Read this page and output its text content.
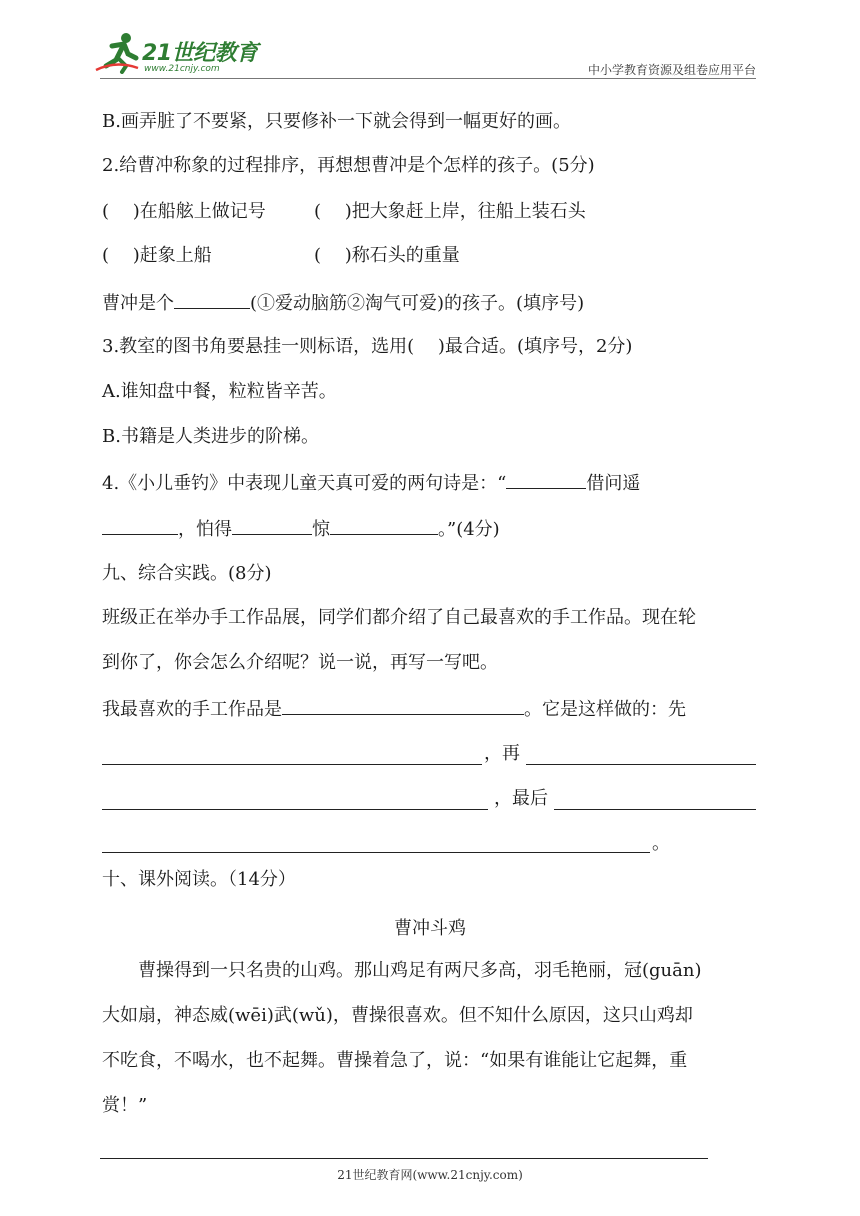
21世纪教育
www.21cnjy.com	中小学教育资源及组卷应用平台
B.画弄脏了不要紧，只要修补一下就会得到一幅更好的画。
2.给曹冲称象的过程排序，再想想曹冲是个怎样的孩子。(5分)
(　 )在船舷上做记号	(　 )把大象赶上岸，往船上装石头
(　 )赶象上船	(　 )称石头的重量
曹冲是个	(①爱动脑筋②淘气可爱)的孩子。(填序号)
3.教室的图书角要悬挂一则标语，选用(　 )最合适。(填序号，2分)
A.谁知盘中餐，粒粒皆辛苦。
B.书籍是人类进步的阶梯。
4.《小儿垂钓》中表现儿童天真可爱的两句诗是：“	借问遥
，怕得	惊	。”(4分)
九、综合实践。(8分)
班级正在举办手工作品展，同学们都介绍了自己最喜欢的手工作品。现在轮
到你了，你会怎么介绍呢？说一说，再写一写吧。
我最喜欢的手工作品是	。它是这样做的：先
，再
，最后
。
十、课外阅读。（14分）
曹冲斗鸡
曹操得到一只名贵的山鸡。那山鸡足有两尺多高，羽毛艳丽，冠(guān)
大如扇，神态威(wēi)武(wǔ)，曹操很喜欢。但不知什么原因，这只山鸡却
不吃食，不喝水，也不起舞。曹操着急了，说：“如果有谁能让它起舞，重
赏！”
21世纪教育网(www.21cnjy.com)
